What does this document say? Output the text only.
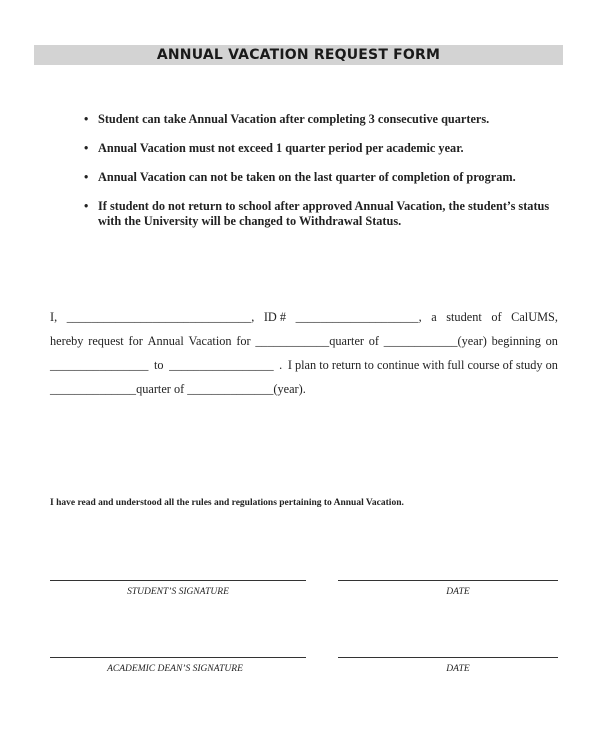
ANNUAL VACATION REQUEST FORM
• Student can take Annual Vacation after completing 3 consecutive quarters.
• Annual Vacation must not exceed 1 quarter period per academic year.
• Annual Vacation can not be taken on the last quarter of completion of program.
• If student do not return to school after approved Annual Vacation, the student’s status with the University will be changed to Withdrawal Status.
I, ______________________________, ID # ____________________, a student of CalUMS,
hereby request for Annual Vacation for ____________quarter of ____________(year) beginning on
________________ to _________________ . I plan to return to continue with full course of study on
______________quarter of ______________(year).
I have read and understood all the rules and regulations pertaining to Annual Vacation.
STUDENT’S SIGNATURE	DATE
ACADEMIC DEAN’S SIGNATURE	DATE
